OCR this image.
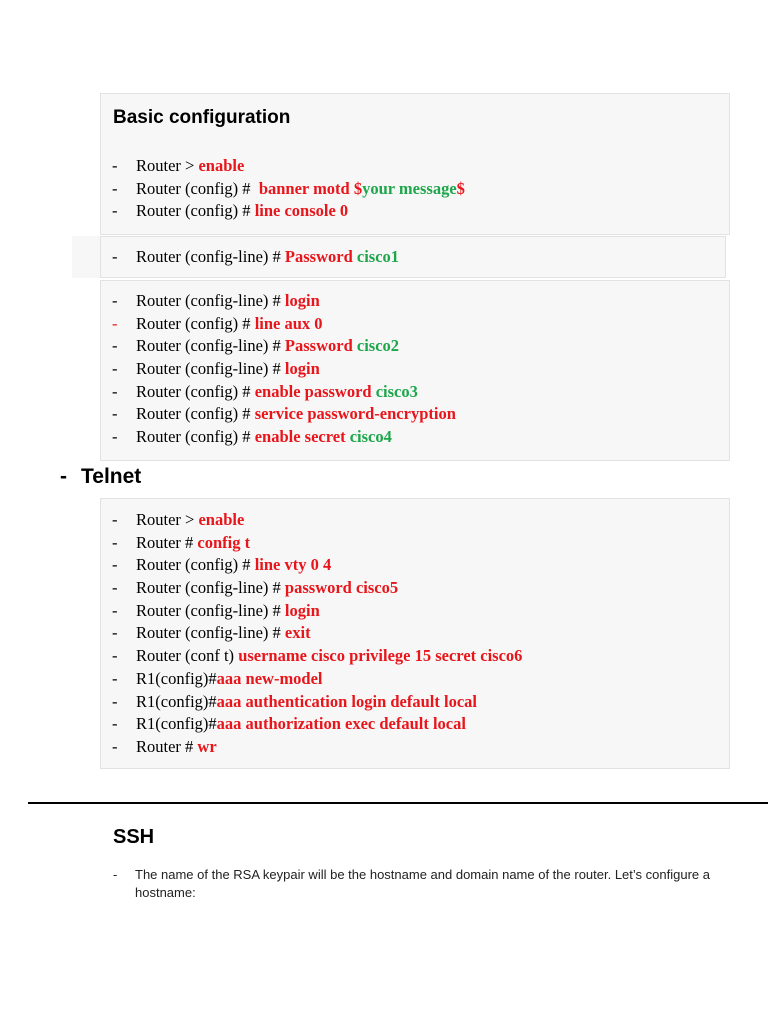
Basic configuration
- Router > enable
- Router (config) #  banner motd $your message$
- Router (config) # line console 0
- Router (config-line) # Password cisco1
- Router (config-line) # login
- Router (config) # line aux 0
- Router (config-line) # Password cisco2
- Router (config-line) # login
- Router (config) # enable password cisco3
- Router (config) # service password-encryption
- Router (config) # enable secret cisco4
- Telnet
- Router > enable
- Router # config t
- Router (config) # line vty 0 4
- Router (config-line) # password cisco5
- Router (config-line) # login
- Router (config-line) # exit
- Router (conf t) username cisco privilege 15 secret cisco6
- R1(config)#aaa new-model
- R1(config)#aaa authentication login default local
- R1(config)#aaa authorization exec default local
- Router # wr
SSH
- The name of the RSA keypair will be the hostname and domain name of the router. Let’s configure a hostname:
